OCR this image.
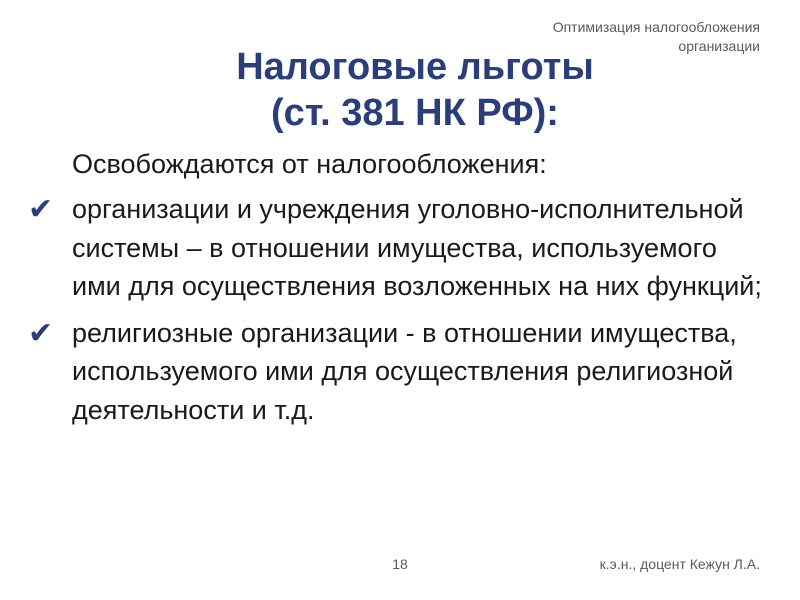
Оптимизация налогообложения
организации
Налоговые льготы
(ст. 381 НК РФ):
Освобождаются от налогообложения:
✔ организации и учреждения уголовно-исполнительной системы – в отношении имущества, используемого ими для осуществления возложенных на них функций;
✔ религиозные организации - в отношении имущества, используемого ими для осуществления религиозной деятельности и т.д.
18	к.э.н., доцент Кежун Л.А.
